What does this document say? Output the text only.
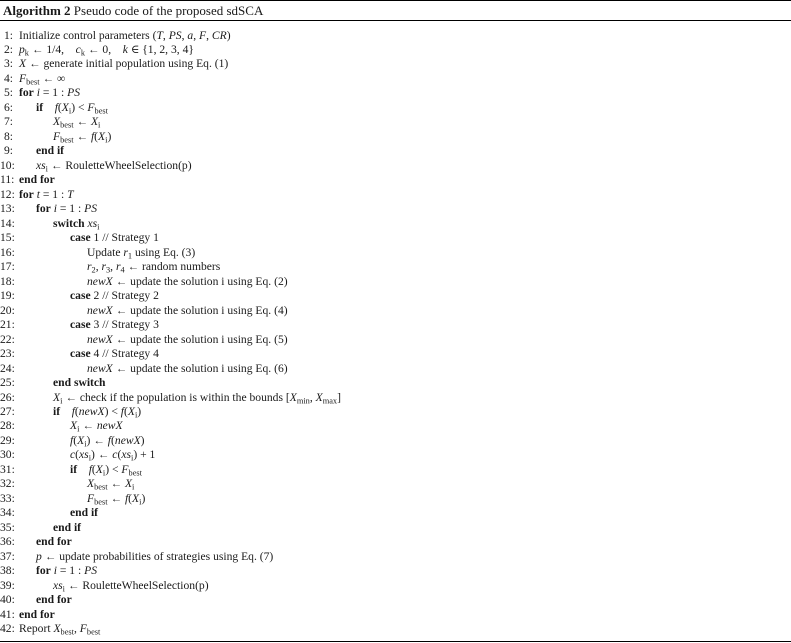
Algorithm 2 Pseudo code of the proposed sdSCA
1: Initialize control parameters (T, PS, a, F, CR)
2: $p_k$ ← 1/4,    $c_k$ ← 0,    k ∈ {1, 2, 3, 4}
3: X ← generate initial population using Eq. (1)
4: $F_{best}$ ← ∞
5: for i = 1 : PS
6: if $f(X_i) < F_{best}$
7:	$X_{best}$ ← $X_i$
8:	$F_{best}$ ← $f(X_i)$
9: end if
10: $xs_i$ ← RouletteWheelSelection(p)
11: end for
12: for t = 1 : T
13: for i = 1 : PS
14:	switch $xs_i$
15:	case 1 // Strategy 1
16:	Update $r_1$ using Eq. (3)
17:	$r_2$, $r_3$, $r_4$ ← random numbers
18:	newX ← update the solution i using Eq. (2)
19:	case 2 // Strategy 2
20:	newX ← update the solution i using Eq. (4)
21:	case 3 // Strategy 3
22:	newX ← update the solution i using Eq. (5)
23:	case 4 // Strategy 4
24:	newX ← update the solution i using Eq. (6)
25:	end switch
26:	$X_i$ ← check if the population is within the bounds [$X_{min}$, $X_{max}$]
27:	if f(newX) < $f(X_i)$
28:	$X_i$ ← newX
29:	$f(X_i)$ ← f(newX)
30:	$c(xs_i)$ ← $c(xs_i) + 1$
31:	if $f(X_i) < F_{best}$
32:	$X_{best}$ ← $X_i$
33:	$F_{best}$ ← $f(X_i)$
34:	end if
35:	end if
36: end for
37: p ← update probabilities of strategies using Eq. (7)
38: for i = 1 : PS
39:	$xs_i$ ← RouletteWheelSelection(p)
40: end for
41: end for
42: Report $X_{best}$, $F_{best}$
